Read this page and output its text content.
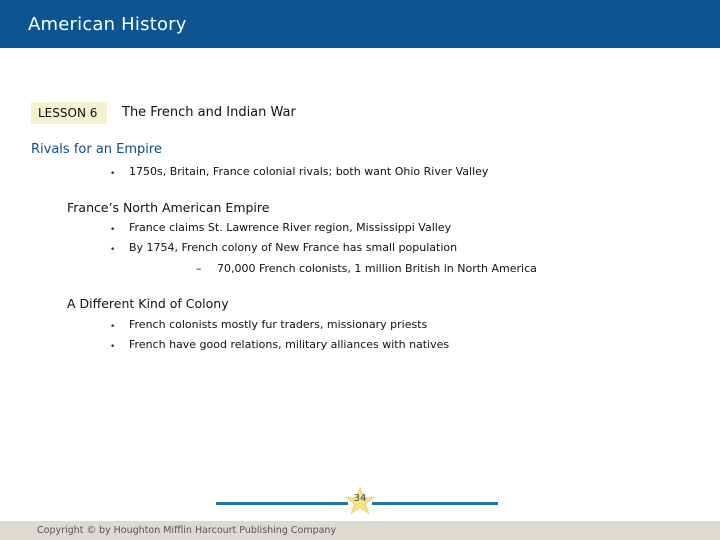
American History
LESSON 6 The French and Indian War
Rivals for an Empire
• 1750s, Britain, France colonial rivals; both want Ohio River Valley
France’s North American Empire
• France claims St. Lawrence River region, Mississippi Valley
• By 1754, French colony of New France has small population
– 70,000 French colonists, 1 million British in North America
A Different Kind of Colony
• French colonists mostly fur traders, missionary priests
• French have good relations, military alliances with natives
34
Copyright © by Houghton Mifflin Harcourt Publishing Company
